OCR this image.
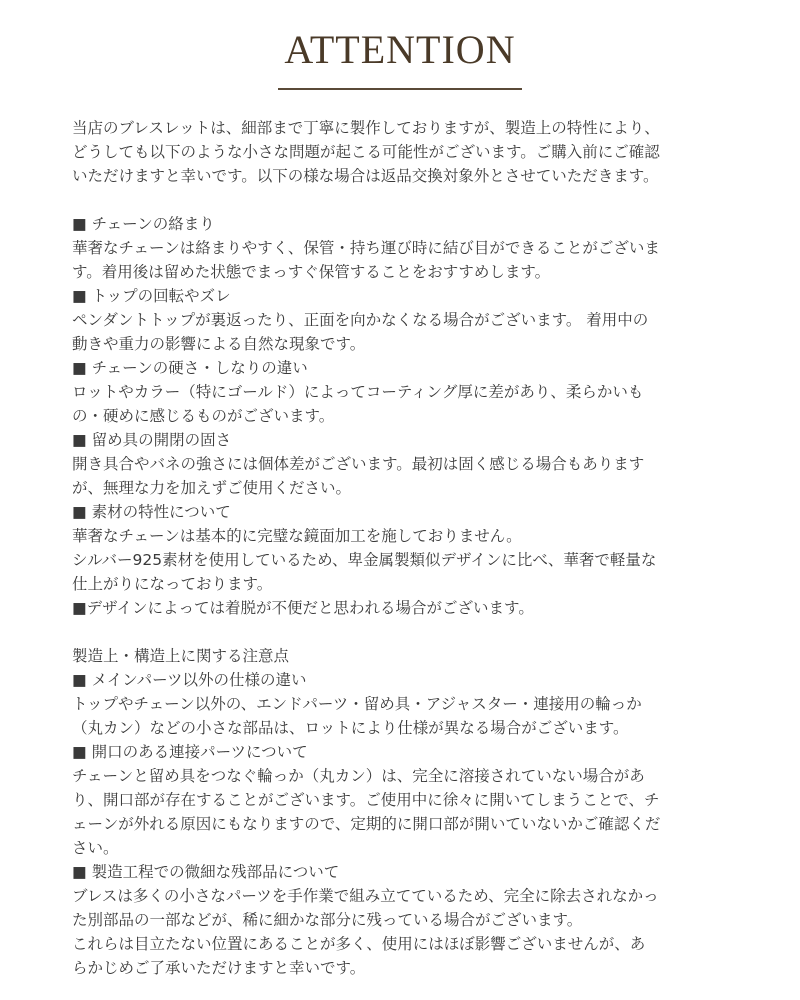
ATTENTION
当店のブレスレットは、細部まで丁寧に製作しておりますが、製造上の特性により、
どうしても以下のような小さな問題が起こる可能性がございます。ご購入前にご確認
いただけますと幸いです。以下の様な場合は返品交換対象外とさせていただきます。
■ チェーンの絡まり
華奢なチェーンは絡まりやすく、保管・持ち運び時に結び目ができることがございま
す。着用後は留めた状態でまっすぐ保管することをおすすめします。
■ トップの回転やズレ
ペンダントトップが裏返ったり、正面を向かなくなる場合がございます。 着用中の
動きや重力の影響による自然な現象です。
■ チェーンの硬さ・しなりの違い
ロットやカラー（特にゴールド）によってコーティング厚に差があり、柔らかいも
の・硬めに感じるものがございます。
■ 留め具の開閉の固さ
開き具合やバネの強さには個体差がございます。最初は固く感じる場合もあります
が、無理な力を加えずご使用ください。
■ 素材の特性について
華奢なチェーンは基本的に完璧な鏡面加工を施しておりません。
シルバー925素材を使用しているため、卑金属製類似デザインに比べ、華奢で軽量な
仕上がりになっております。
■デザインによっては着脱が不便だと思われる場合がございます。
製造上・構造上に関する注意点
■ メインパーツ以外の仕様の違い
トップやチェーン以外の、エンドパーツ・留め具・アジャスター・連接用の輪っか
（丸カン）などの小さな部品は、ロットにより仕様が異なる場合がございます。
■ 開口のある連接パーツについて
チェーンと留め具をつなぐ輪っか（丸カン）は、完全に溶接されていない場合があ
り、開口部が存在することがございます。ご使用中に徐々に開いてしまうことで、チ
ェーンが外れる原因にもなりますので、定期的に開口部が開いていないかご確認くだ
さい。
■ 製造工程での微細な残部品について
ブレスは多くの小さなパーツを手作業で組み立てているため、完全に除去されなかっ
た別部品の一部などが、稀に細かな部分に残っている場合がございます。
これらは目立たない位置にあることが多く、使用にはほぼ影響ございませんが、あ
らかじめご了承いただけますと幸いです。
